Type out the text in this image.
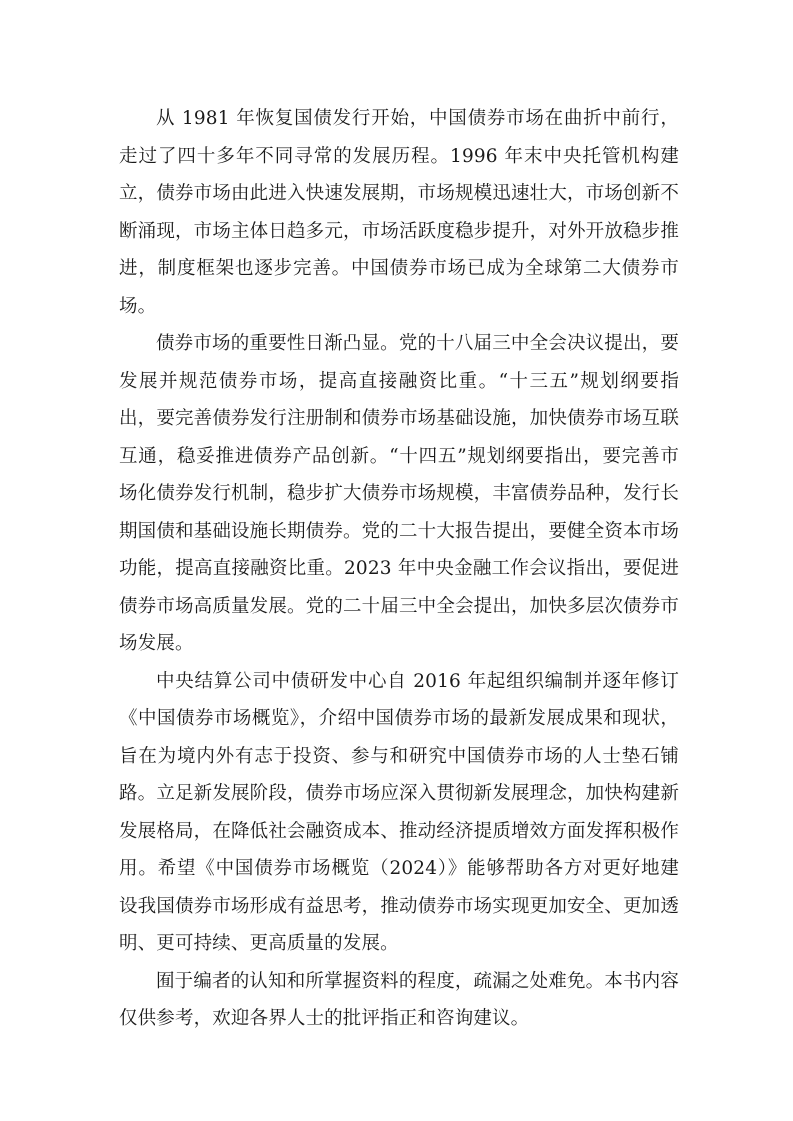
从 1981 年恢复国债发行开始，中国债券市场在曲折中前行，走过了四十多年不同寻常的发展历程。1996 年末中央托管机构建立，债券市场由此进入快速发展期，市场规模迅速壮大，市场创新不断涌现，市场主体日趋多元，市场活跃度稳步提升，对外开放稳步推进，制度框架也逐步完善。中国债券市场已成为全球第二大债券市场。

债券市场的重要性日渐凸显。党的十八届三中全会决议提出，要发展并规范债券市场，提高直接融资比重。“十三五”规划纲要指出，要完善债券发行注册制和债券市场基础设施，加快债券市场互联互通，稳妥推进债券产品创新。“十四五”规划纲要指出，要完善市场化债券发行机制，稳步扩大债券市场规模，丰富债券品种，发行长期国债和基础设施长期债券。党的二十大报告提出，要健全资本市场功能，提高直接融资比重。2023 年中央金融工作会议指出，要促进债券市场高质量发展。党的二十届三中全会提出，加快多层次债券市场发展。

中央结算公司中债研发中心自 2016 年起组织编制并逐年修订《中国债券市场概览》，介绍中国债券市场的最新发展成果和现状，旨在为境内外有志于投资、参与和研究中国债券市场的人士垫石铺路。立足新发展阶段，债券市场应深入贯彻新发展理念，加快构建新发展格局，在降低社会融资成本、推动经济提质增效方面发挥积极作用。希望《中国债券市场概览（2024）》能够帮助各方对更好地建设我国债券市场形成有益思考，推动债券市场实现更加安全、更加透明、更可持续、更高质量的发展。

囿于编者的认知和所掌握资料的程度，疏漏之处难免。本书内容仅供参考，欢迎各界人士的批评指正和咨询建议。
